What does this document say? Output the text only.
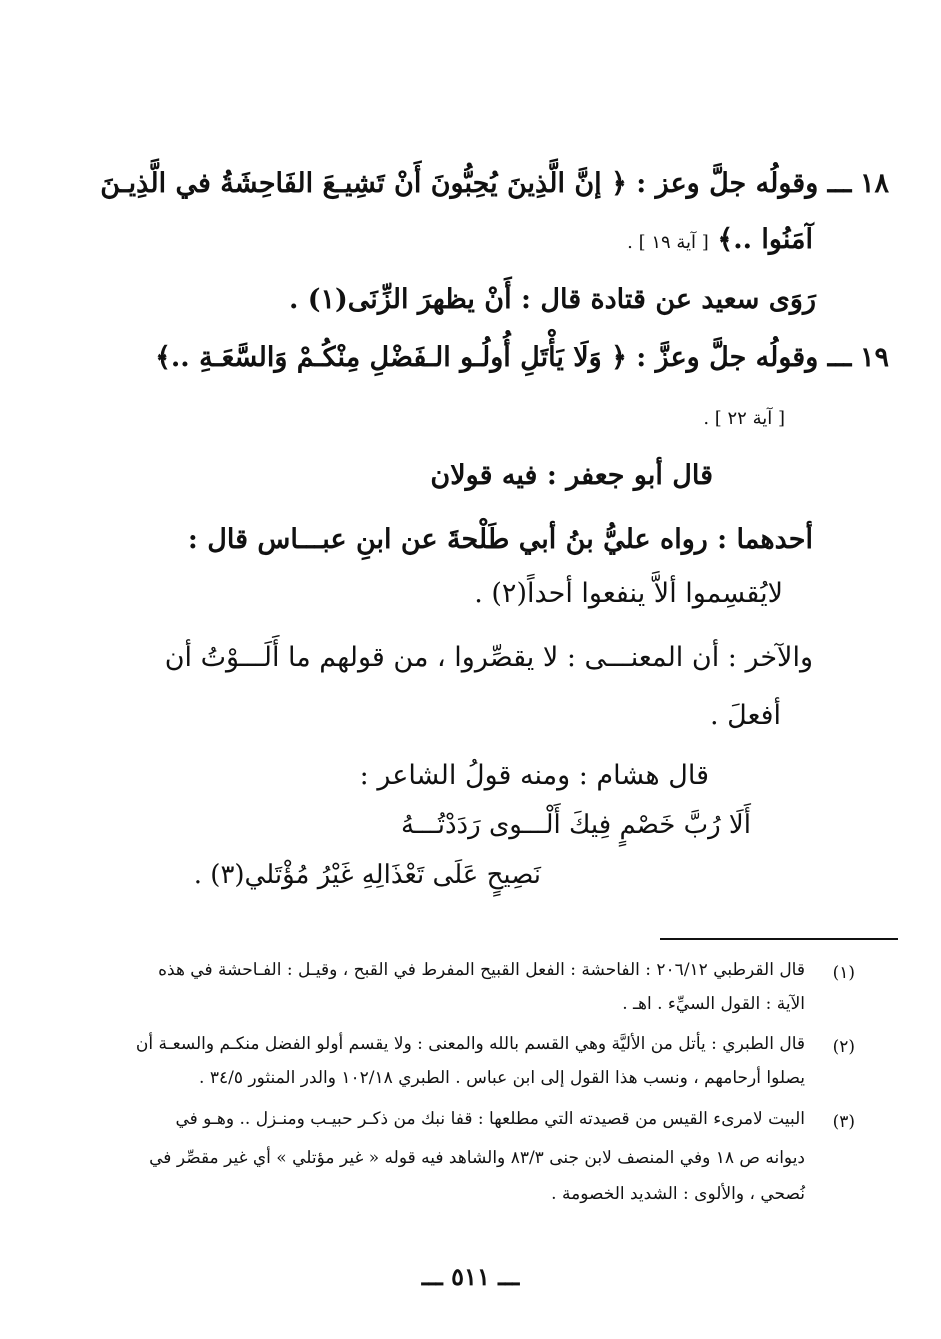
١٨ ـــ وقولُه جلَّ وعز : ﴿ إنَّ الَّذِينَ يُحِبُّونَ أَنْ تَشِيـعَ الفَاحِشَةُ في الَّذِيـنَ
آمَنُوا ..﴾ [ آية ١٩ ] .
رَوَى سعيد عن قتادة قال : أَنْ يظهرَ الزِّنَى(١) .
١٩ ـــ وقولُه جلَّ وعزَّ : ﴿ وَلَا يَأْتَلِ أُولُـو الـفَضْلِ مِنْكُـمْ وَالسَّعَـةِ ..﴾
[ آية ٢٢ ] .
قال أبو جعفر : فيه قولان
أحدهما : رواه عليُّ بنُ أبي طَلْحةَ عن ابنِ عبـــاس قال :
لايُقسِموا ألاَّ ينفعوا أحداً(٢) .
والآخر : أن المعنـــى : لا يقصِّروا ، من قولهم ما أَلَـــوْتُ أن
أفعلَ .
قال هشام : ومنه قولُ الشاعر :
أَلَا رُبَّ خَصْمٍ فِيكَ أَلْـــوى رَدَدْتُـــهُ
نَصِيحٍ عَلَى تَعْذَالِهِ غَيْرُ مُؤْتَلي(٣) .
(١)
قال القرطبي ٢٠٦/١٢ : الفاحشة : الفعل القبيح المفرط في القبح ، وقيـل : الفـاحشة في هذه
الآية : القول السيِّء . اهـ .
(٢)
قال الطبري : يأتل من الأليَّة وهي القسم بالله والمعنى : ولا يقسم أولو الفضل منكـم والسعـة أن
يصلوا أرحامهم ، ونسب هذا القول إلى ابن عباس . الطبري ١٠٢/١٨ والدر المنثور ٣٤/٥ .
(٣)
البيت لامرىء القيس من قصيدته التي مطلعها : قفا نبك من ذكـر حبيـب ومنـزل .. وهـو في
ديوانه ص ١٨ وفي المنصف لابن جنى ٨٣/٣ والشاهد فيه قوله « غير مؤتلي » أي غير مقصِّر في
نُصحي ، والألوى : الشديد الخصومة .
ـــ ٥١١ ـــ
